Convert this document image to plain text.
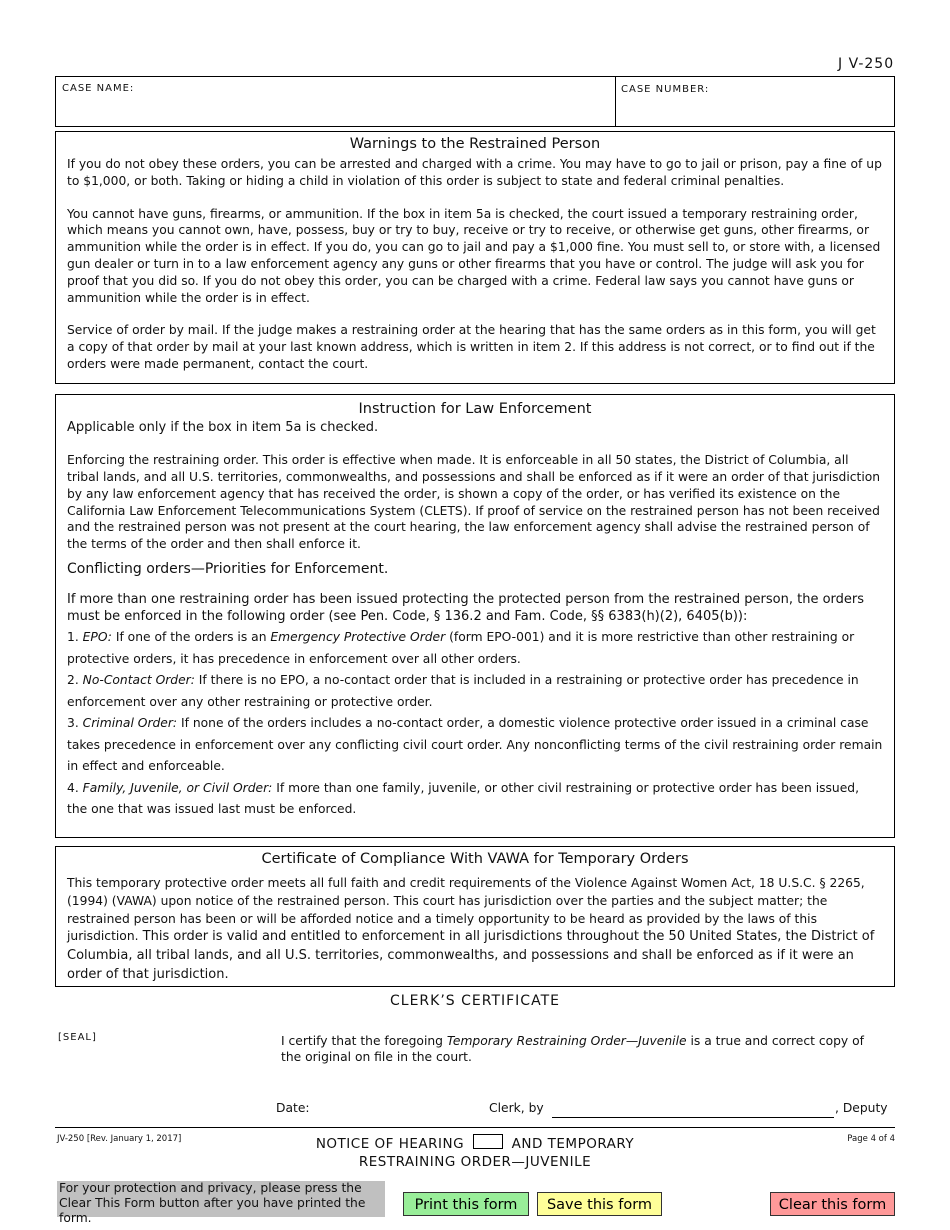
J V-250
CASE NAME:	CASE NUMBER:
Warnings to the Restrained Person
If you do not obey these orders, you can be arrested and charged with a crime. You may have to go to jail or prison, pay a fine of up to $1,000, or both. Taking or hiding a child in violation of this order is subject to state and federal criminal penalties.
You cannot have guns, firearms, or ammunition. If the box in item 5a is checked, the court issued a temporary restraining order, which means you cannot own, have, possess, buy or try to buy, receive or try to receive, or otherwise get guns, other firearms, or ammunition while the order is in effect. If you do, you can go to jail and pay a $1,000 fine. You must sell to, or store with, a licensed gun dealer or turn in to a law enforcement agency any guns or other firearms that you have or control. The judge will ask you for proof that you did so. If you do not obey this order, you can be charged with a crime. Federal law says you cannot have guns or ammunition while the order is in effect.
Service of order by mail. If the judge makes a restraining order at the hearing that has the same orders as in this form, you will get a copy of that order by mail at your last known address, which is written in item 2. If this address is not correct, or to find out if the orders were made permanent, contact the court.
Instruction for Law Enforcement
Applicable only if the box in item 5a is checked.
Enforcing the restraining order. This order is effective when made. It is enforceable in all 50 states, the District of Columbia, all tribal lands, and all U.S. territories, commonwealths, and possessions and shall be enforced as if it were an order of that jurisdiction by any law enforcement agency that has received the order, is shown a copy of the order, or has verified its existence on the California Law Enforcement Telecommunications System (CLETS). If proof of service on the restrained person has not been received and the restrained person was not present at the court hearing, the law enforcement agency shall advise the restrained person of the terms of the order and then shall enforce it.
Conflicting orders—Priorities for Enforcement.
If more than one restraining order has been issued protecting the protected person from the restrained person, the orders must be enforced in the following order (see Pen. Code, § 136.2 and Fam. Code, §§ 6383(h)(2), 6405(b)):
1. EPO: If one of the orders is an Emergency Protective Order (form EPO-001) and it is more restrictive than other restraining or protective orders, it has precedence in enforcement over all other orders.
2. No-Contact Order: If there is no EPO, a no-contact order that is included in a restraining or protective order has precedence in enforcement over any other restraining or protective order.
3. Criminal Order: If none of the orders includes a no-contact order, a domestic violence protective order issued in a criminal case takes precedence in enforcement over any conflicting civil court order. Any nonconflicting terms of the civil restraining order remain in effect and enforceable.
4. Family, Juvenile, or Civil Order: If more than one family, juvenile, or other civil restraining or protective order has been issued, the one that was issued last must be enforced.
Certificate of Compliance With VAWA for Temporary Orders
This temporary protective order meets all full faith and credit requirements of the Violence Against Women Act, 18 U.S.C. § 2265, (1994) (VAWA) upon notice of the restrained person. This court has jurisdiction over the parties and the subject matter; the restrained person has been or will be afforded notice and a timely opportunity to be heard as provided by the laws of this jurisdiction. This order is valid and entitled to enforcement in all jurisdictions throughout the 50 United States, the District of Columbia, all tribal lands, and all U.S. territories, commonwealths, and possessions and shall be enforced as if it were an order of that jurisdiction.
CLERK’S CERTIFICATE
[SEAL]	I certify that the foregoing Temporary Restraining Order—Juvenile is a true and correct copy of the original on file in the court.
Date:	Clerk, by	, Deputy
JV-250 [Rev. January 1, 2017]	NOTICE OF HEARING	AND TEMPORARY
RESTRAINING ORDER—JUVENILE
Page 4 of 4
For your protection and privacy, please press the Clear This Form button after you have printed the form.
Print this form	Save this form	Clear this form
